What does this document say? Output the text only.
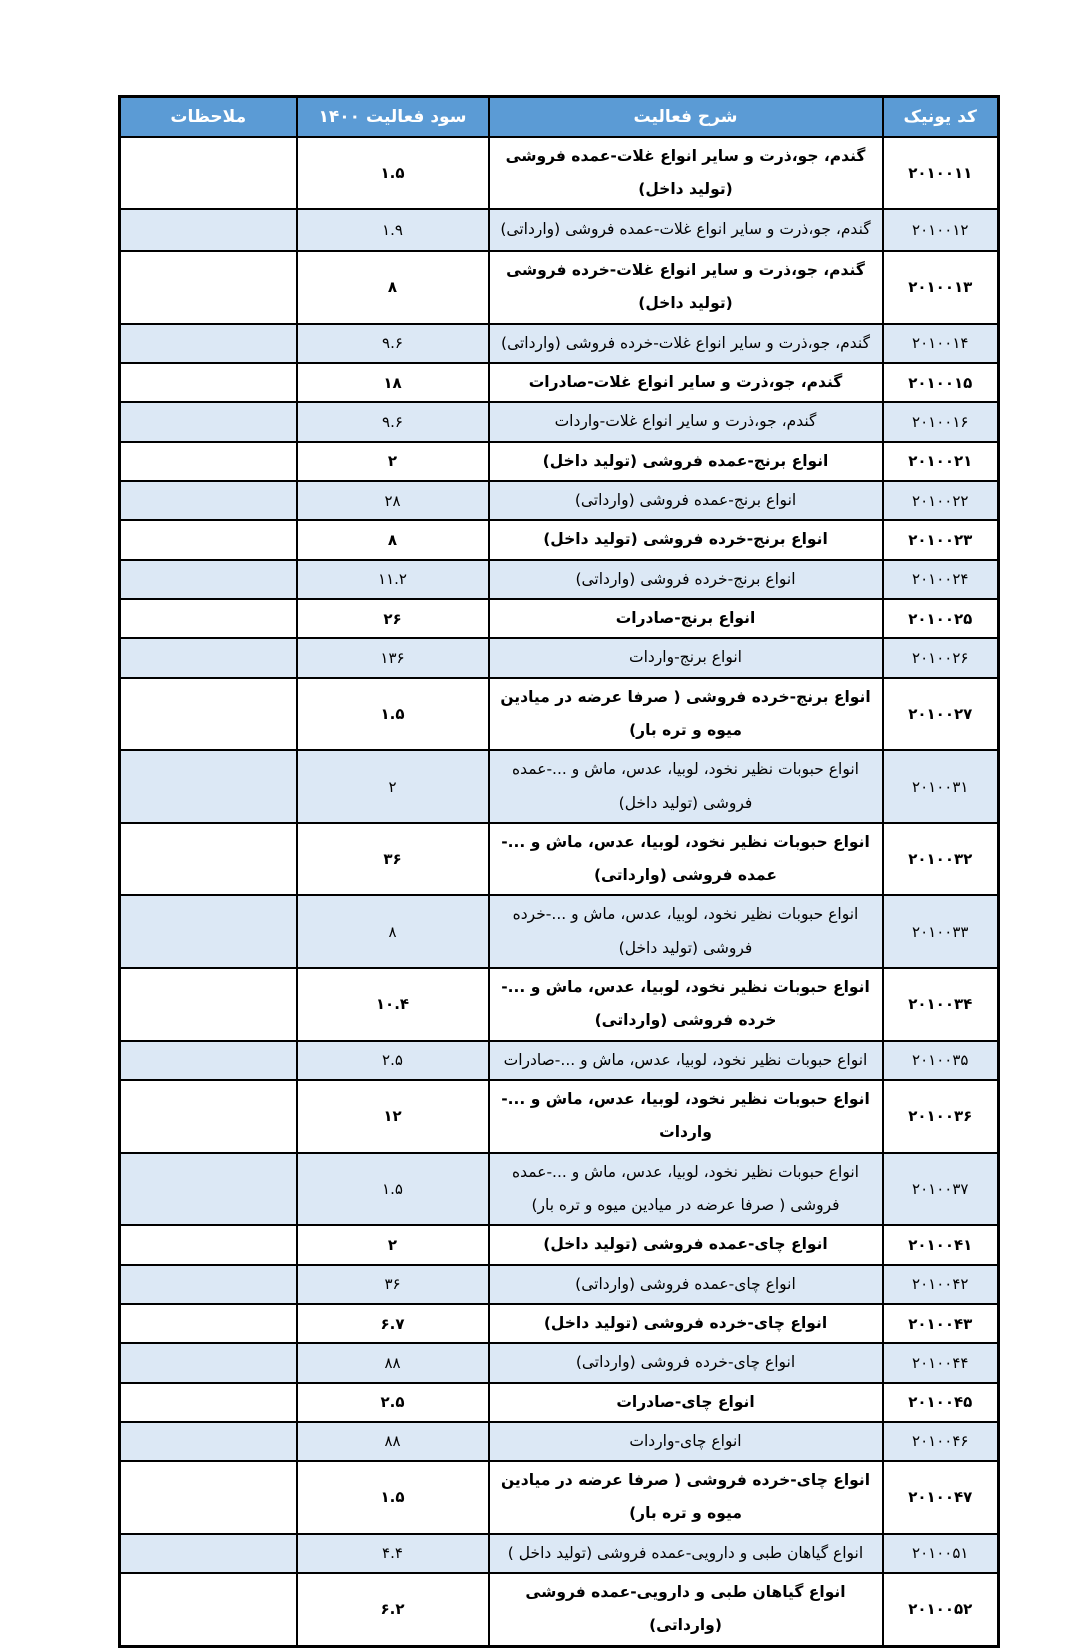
کد یونیک	شرح فعالیت	سود فعالیت ۱۴۰۰	ملاحظات
۲۰۱۰۰۱۱	گندم، جو،ذرت و سایر انواع غلات-عمده فروشی (تولید داخل)	۱.۵	
۲۰۱۰۰۱۲	گندم، جو،ذرت و سایر انواع غلات-عمده فروشی (وارداتی)	۱.۹	
۲۰۱۰۰۱۳	گندم، جو،ذرت و سایر انواع غلات-خرده فروشی (تولید داخل)	۸	
۲۰۱۰۰۱۴	گندم، جو،ذرت و سایر انواع غلات-خرده فروشی (وارداتی)	۹.۶	
۲۰۱۰۰۱۵	گندم، جو،ذرت و سایر انواع غلات-صادرات	۱۸	
۲۰۱۰۰۱۶	گندم، جو،ذرت و سایر انواع غلات-واردات	۹.۶	
۲۰۱۰۰۲۱	انواع برنج-عمده فروشی (تولید داخل)	۲	
۲۰۱۰۰۲۲	انواع برنج-عمده فروشی (وارداتی)	۲۸	
۲۰۱۰۰۲۳	انواع برنج-خرده فروشی (تولید داخل)	۸	
۲۰۱۰۰۲۴	انواع برنج-خرده فروشی (وارداتی)	۱۱.۲	
۲۰۱۰۰۲۵	انواع برنج-صادرات	۲۶	
۲۰۱۰۰۲۶	انواع برنج-واردات	۱۳۶	
۲۰۱۰۰۲۷	انواع برنج-خرده فروشی ( صرفا عرضه در میادین میوه و تره بار)	۱.۵	
۲۰۱۰۰۳۱	انواع حبوبات نظیر نخود، لوبیا، عدس، ماش و ...-عمده فروشی (تولید داخل)	۲	
۲۰۱۰۰۳۲	انواع حبوبات نظیر نخود، لوبیا، عدس، ماش و ...-عمده فروشی (وارداتی)	۳۶	
۲۰۱۰۰۳۳	انواع حبوبات نظیر نخود، لوبیا، عدس، ماش و ...-خرده فروشی (تولید داخل)	۸	
۲۰۱۰۰۳۴	انواع حبوبات نظیر نخود، لوبیا، عدس، ماش و ...-خرده فروشی (وارداتی)	۱۰.۴	
۲۰۱۰۰۳۵	انواع حبوبات نظیر نخود، لوبیا، عدس، ماش و ...-صادرات	۲.۵	
۲۰۱۰۰۳۶	انواع حبوبات نظیر نخود، لوبیا، عدس، ماش و ...-واردات	۱۲	
۲۰۱۰۰۳۷	انواع حبوبات نظیر نخود، لوبیا، عدس، ماش و ...-عمده فروشی ( صرفا عرضه در میادین میوه و تره بار)	۱.۵	
۲۰۱۰۰۴۱	انواع چای-عمده فروشی (تولید داخل)	۲	
۲۰۱۰۰۴۲	انواع چای-عمده فروشی (وارداتی)	۳۶	
۲۰۱۰۰۴۳	انواع چای-خرده فروشی (تولید داخل)	۶.۷	
۲۰۱۰۰۴۴	انواع چای-خرده فروشی (وارداتی)	۸۸	
۲۰۱۰۰۴۵	انواع چای-صادرات	۲.۵	
۲۰۱۰۰۴۶	انواع چای-واردات	۸۸	
۲۰۱۰۰۴۷	انواع چای-خرده فروشی ( صرفا عرضه در میادین میوه و تره بار)	۱.۵	
۲۰۱۰۰۵۱	انواع گیاهان طبی و دارویی-عمده فروشی (تولید داخل )	۴.۴	
۲۰۱۰۰۵۲	انواع گیاهان طبی و دارویی-عمده فروشی (وارداتی)	۶.۲	
